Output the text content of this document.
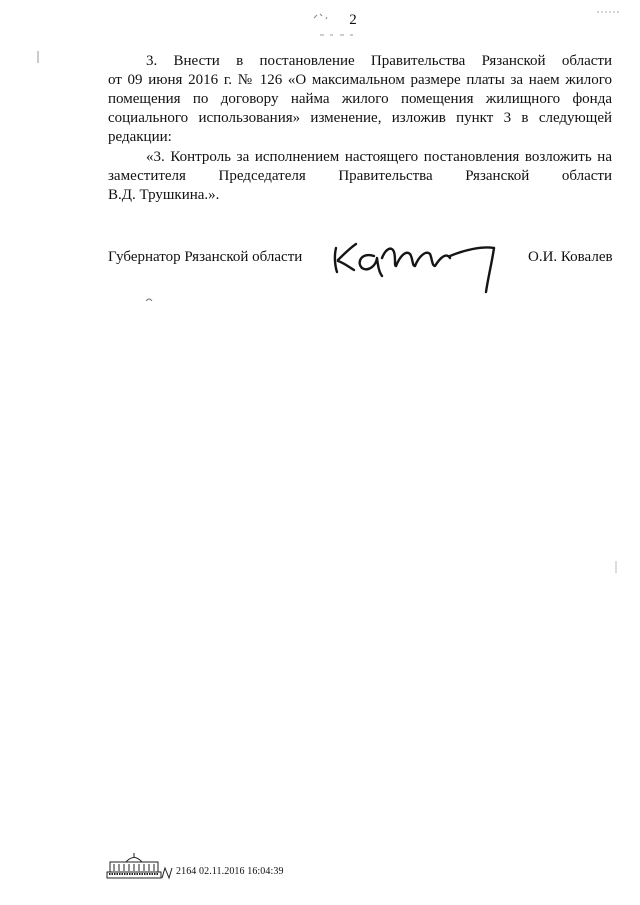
2
3. Внести в постановление Правительства Рязанской области
от 09 июня 2016 г. № 126 «О максимальном размере платы за наем жилого
помещения по договору найма жилого помещения жилищного фонда
социального использования» изменение, изложив пункт 3 в следующей
редакции:
«3. Контроль за исполнением настоящего постановления возложить на
заместителя Председателя Правительства Рязанской области
В.Д. Трушкина.».
Губернатор Рязанской области	О.И. Ковалев
2164 02.11.2016 16:04:39
